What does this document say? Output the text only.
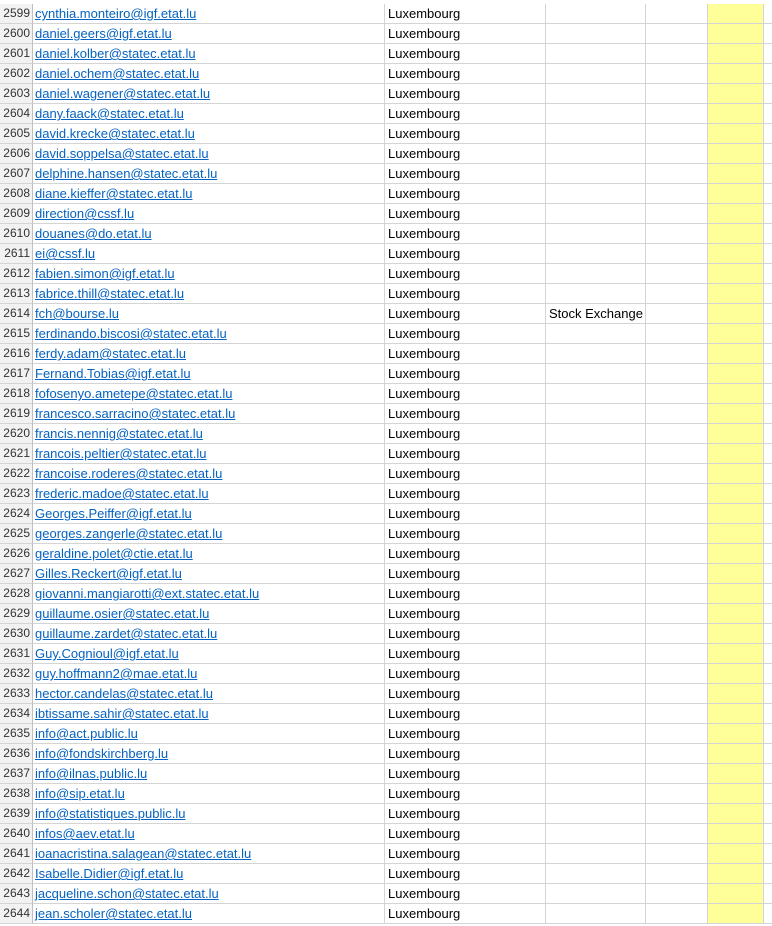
2599 cynthia.monteiro@igf.etat.lu	Luxembourg
2600 daniel.geers@igf.etat.lu	Luxembourg
2601 daniel.kolber@statec.etat.lu	Luxembourg
2602 daniel.ochem@statec.etat.lu	Luxembourg
2603 daniel.wagener@statec.etat.lu	Luxembourg
2604 dany.faack@statec.etat.lu	Luxembourg
2605 david.krecke@statec.etat.lu	Luxembourg
2606 david.soppelsa@statec.etat.lu	Luxembourg
2607 delphine.hansen@statec.etat.lu	Luxembourg
2608 diane.kieffer@statec.etat.lu	Luxembourg
2609 direction@cssf.lu	Luxembourg
2610 douanes@do.etat.lu	Luxembourg
2611 ei@cssf.lu	Luxembourg
2612 fabien.simon@igf.etat.lu	Luxembourg
2613 fabrice.thill@statec.etat.lu	Luxembourg
2614 fch@bourse.lu	Luxembourg	Stock Exchange
2615 ferdinando.biscosi@statec.etat.lu	Luxembourg
2616 ferdy.adam@statec.etat.lu	Luxembourg
2617 Fernand.Tobias@igf.etat.lu	Luxembourg
2618 fofosenyo.ametepe@statec.etat.lu	Luxembourg
2619 francesco.sarracino@statec.etat.lu	Luxembourg
2620 francis.nennig@statec.etat.lu	Luxembourg
2621 francois.peltier@statec.etat.lu	Luxembourg
2622 francoise.roderes@statec.etat.lu	Luxembourg
2623 frederic.madoe@statec.etat.lu	Luxembourg
2624 Georges.Peiffer@igf.etat.lu	Luxembourg
2625 georges.zangerle@statec.etat.lu	Luxembourg
2626 geraldine.polet@ctie.etat.lu	Luxembourg
2627 Gilles.Reckert@igf.etat.lu	Luxembourg
2628 giovanni.mangiarotti@ext.statec.etat.lu	Luxembourg
2629 guillaume.osier@statec.etat.lu	Luxembourg
2630 guillaume.zardet@statec.etat.lu	Luxembourg
2631 Guy.Cognioul@igf.etat.lu	Luxembourg
2632 guy.hoffmann2@mae.etat.lu	Luxembourg
2633 hector.candelas@statec.etat.lu	Luxembourg
2634 ibtissame.sahir@statec.etat.lu	Luxembourg
2635 info@act.public.lu	Luxembourg
2636 info@fondskirchberg.lu	Luxembourg
2637 info@ilnas.public.lu	Luxembourg
2638 info@sip.etat.lu	Luxembourg
2639 info@statistiques.public.lu	Luxembourg
2640 infos@aev.etat.lu	Luxembourg
2641 ioanacristina.salagean@statec.etat.lu	Luxembourg
2642 Isabelle.Didier@igf.etat.lu	Luxembourg
2643 jacqueline.schon@statec.etat.lu	Luxembourg
2644 jean.scholer@statec.etat.lu	Luxembourg
